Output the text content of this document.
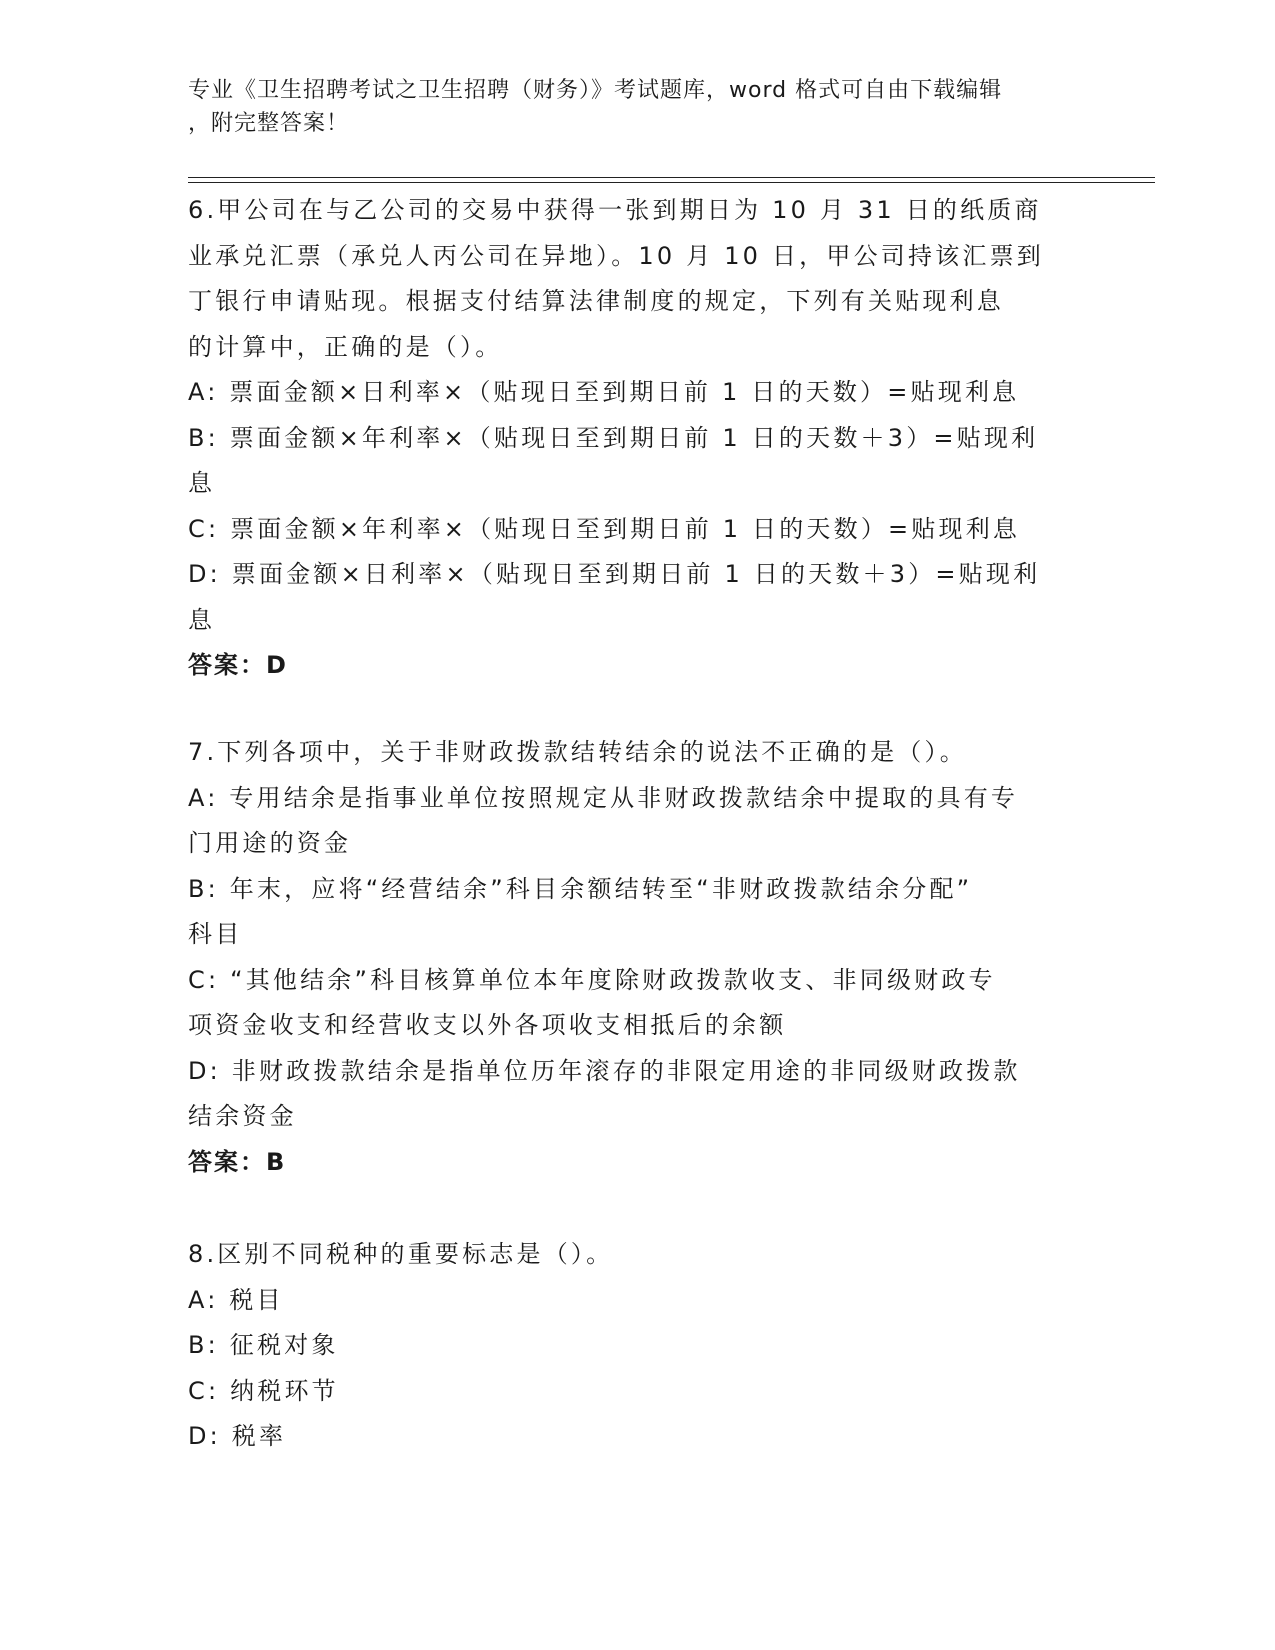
专业《卫生招聘考试之卫生招聘（财务）》考试题库，word 格式可自由下载编辑
，附完整答案！
6.甲公司在与乙公司的交易中获得一张到期日为 10 月 31 日的纸质商
业承兑汇票（承兑人丙公司在异地）。10 月 10 日，甲公司持该汇票到
丁银行申请贴现。根据支付结算法律制度的规定，下列有关贴现利息
的计算中，正确的是（）。
A: 票面金额×日利率×（贴现日至到期日前 1 日的天数）=贴现利息
B: 票面金额×年利率×（贴现日至到期日前 1 日的天数＋3）=贴现利
息
C: 票面金额×年利率×（贴现日至到期日前 1 日的天数）=贴现利息
D: 票面金额×日利率×（贴现日至到期日前 1 日的天数＋3）=贴现利
息
答案：D
7.下列各项中，关于非财政拨款结转结余的说法不正确的是（）。
A: 专用结余是指事业单位按照规定从非财政拨款结余中提取的具有专
门用途的资金
B: 年末，应将“经营结余”科目余额结转至“非财政拨款结余分配”
科目
C: “其他结余”科目核算单位本年度除财政拨款收支、非同级财政专
项资金收支和经营收支以外各项收支相抵后的余额
D: 非财政拨款结余是指单位历年滚存的非限定用途的非同级财政拨款
结余资金
答案：B
8.区别不同税种的重要标志是（）。
A: 税目
B: 征税对象
C: 纳税环节
D: 税率
